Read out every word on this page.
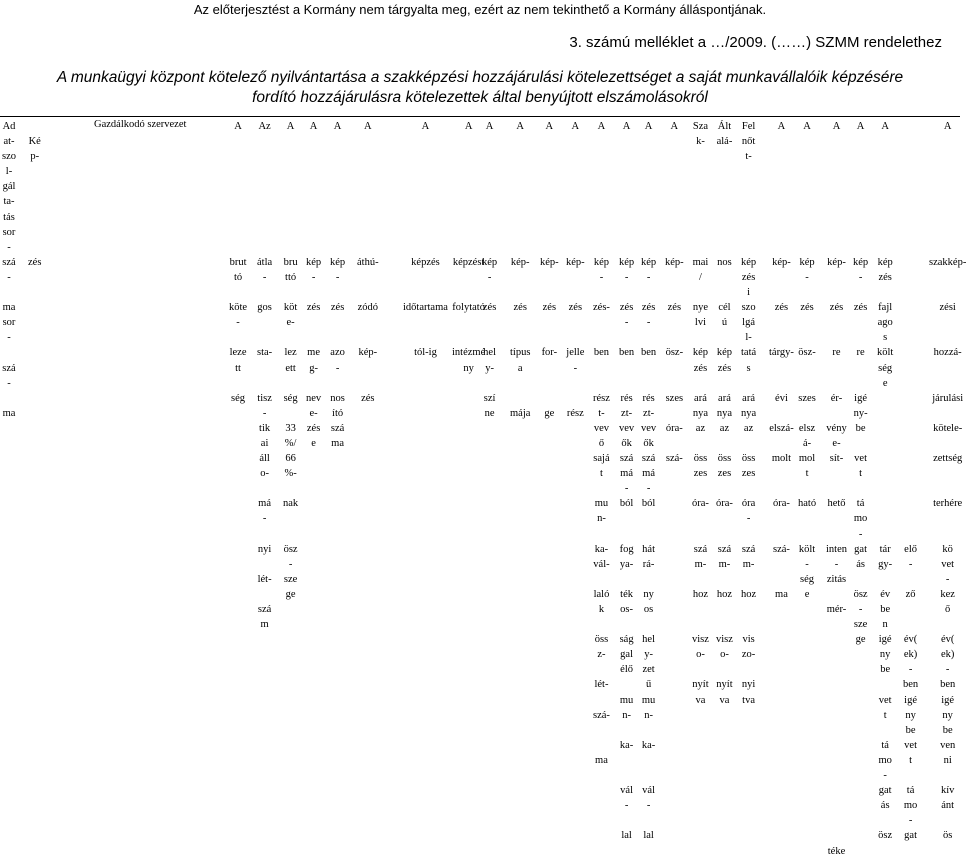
Az előterjesztést a Kormány nem tárgyalta meg, ezért az nem tekinthető a Kormány álláspontjának.
3. számú melléklet a …/2009. (……) SZMM rendelethez
A munkaügyi központ kötelező nyilvántartása a szakképzési hozzájárulási kötelezettséget a saját munkavállalóik képzésére fordító hozzájárulásra kötelezettek által benyújtott elszámolásokról
Gazdálkodó szervezet
Ad
at-
szo
l-
gál
ta-
tás
sor
-
szá
-

ma
sor
-

szá
-

ma

Ké
p-

zés

A

brut
tó

köte
-

leze
tt

ség
Az

átla
-

gos

sta-

tisz
-
tik
ai
áll
o-

má
-

nyi

lét-

szá
m
A

bru
ttó

köt
e-

lez
ett

ség

33
%/
66
%-

nak

ösz
-
sze
ge
A

kép
-

zés

me
g-

nev
e-
zés
e
A

kép
-

zés

azo
-

nos
ító
szá
ma
A

áthú-

zódó

kép-

zés
A

képzés

időtartama

tól-ig
A

képzést

folytató

intézmé
ny
A

kép
-

zés

hel
y-

szí
ne
A

kép-

zés

típus
a

mája
A

kép-

zés

for-

ge
A

kép-

zés

jelle
-

rész
A

kép
-

zés-

ben

rész
t-
vev
ő
sajá
t

mu
n-

ka-
vál-

laló
k

öss
z-

lét-

szá-

ma
A

kép
-

zés
-

ben

rés
zt-
vev
ők
szá
má
-
ból

fog
ya-

ték
os-

ság
gal
élő

mu
n-

ka-

vál
-

lal
A

kép
-

zés
-

ben

rés
zt-
vev
ők
szá
má
-
ból

hát
rá-

ny
os

hel
y-
zet
ű
mu
n-

ka-

vál
-

lal
A

kép-

zés

ösz-

szes

óra-

szá-
Sza
k-

mai
/

nye
lvi

kép
zés

ará
nya
az

öss
zes

óra-

szá
m-

hoz

visz
o-

nyít
va
Ált
alá-

nos

cél
ú

kép
zés

ará
nya
az

öss
zes

óra-

szá
m-

hoz

visz
o-

nyít
va
Fel
nőt
t-

kép
zés
i
szo
lgá
l-
tatá
s

ará
nya
az

öss
zes

óra
-

szá
m-

hoz

vis
zo-

nyi
tva
A

kép-

zés

tárgy-

évi

elszá-

molt

óra-

szá-

ma
A

kép
-

zés

ösz-

szes

elsz
á-
mol
t

ható

költ
-
ség
e
A

kép-

zés

re

ér-

vény
e-
sít-

hető

inten
-
zitás

mér-

téke
A

kép
-

zés

re

igé
ny-
be

vet
t

tá
mo
-
gat
ás

ösz
-
sze
ge
A

kép
zés

fajl
ago
s
költ
ség
e

tár
gy-

év
be
n
igé
ny
be

vet
t

tá
mo
-
gat
ás

ösz

elő
-

ző

év(
ek)
-
ben
igé
ny
be
vet
t

tá
mo
-
gat
A

szakkép-

zési

hozzá-

járulási

kötele-

zettség

terhére

kö
vet
-
kez
ő

év(
ek)
-
ben
igé
ny
be
ven
ni

kív
ánt

ös
